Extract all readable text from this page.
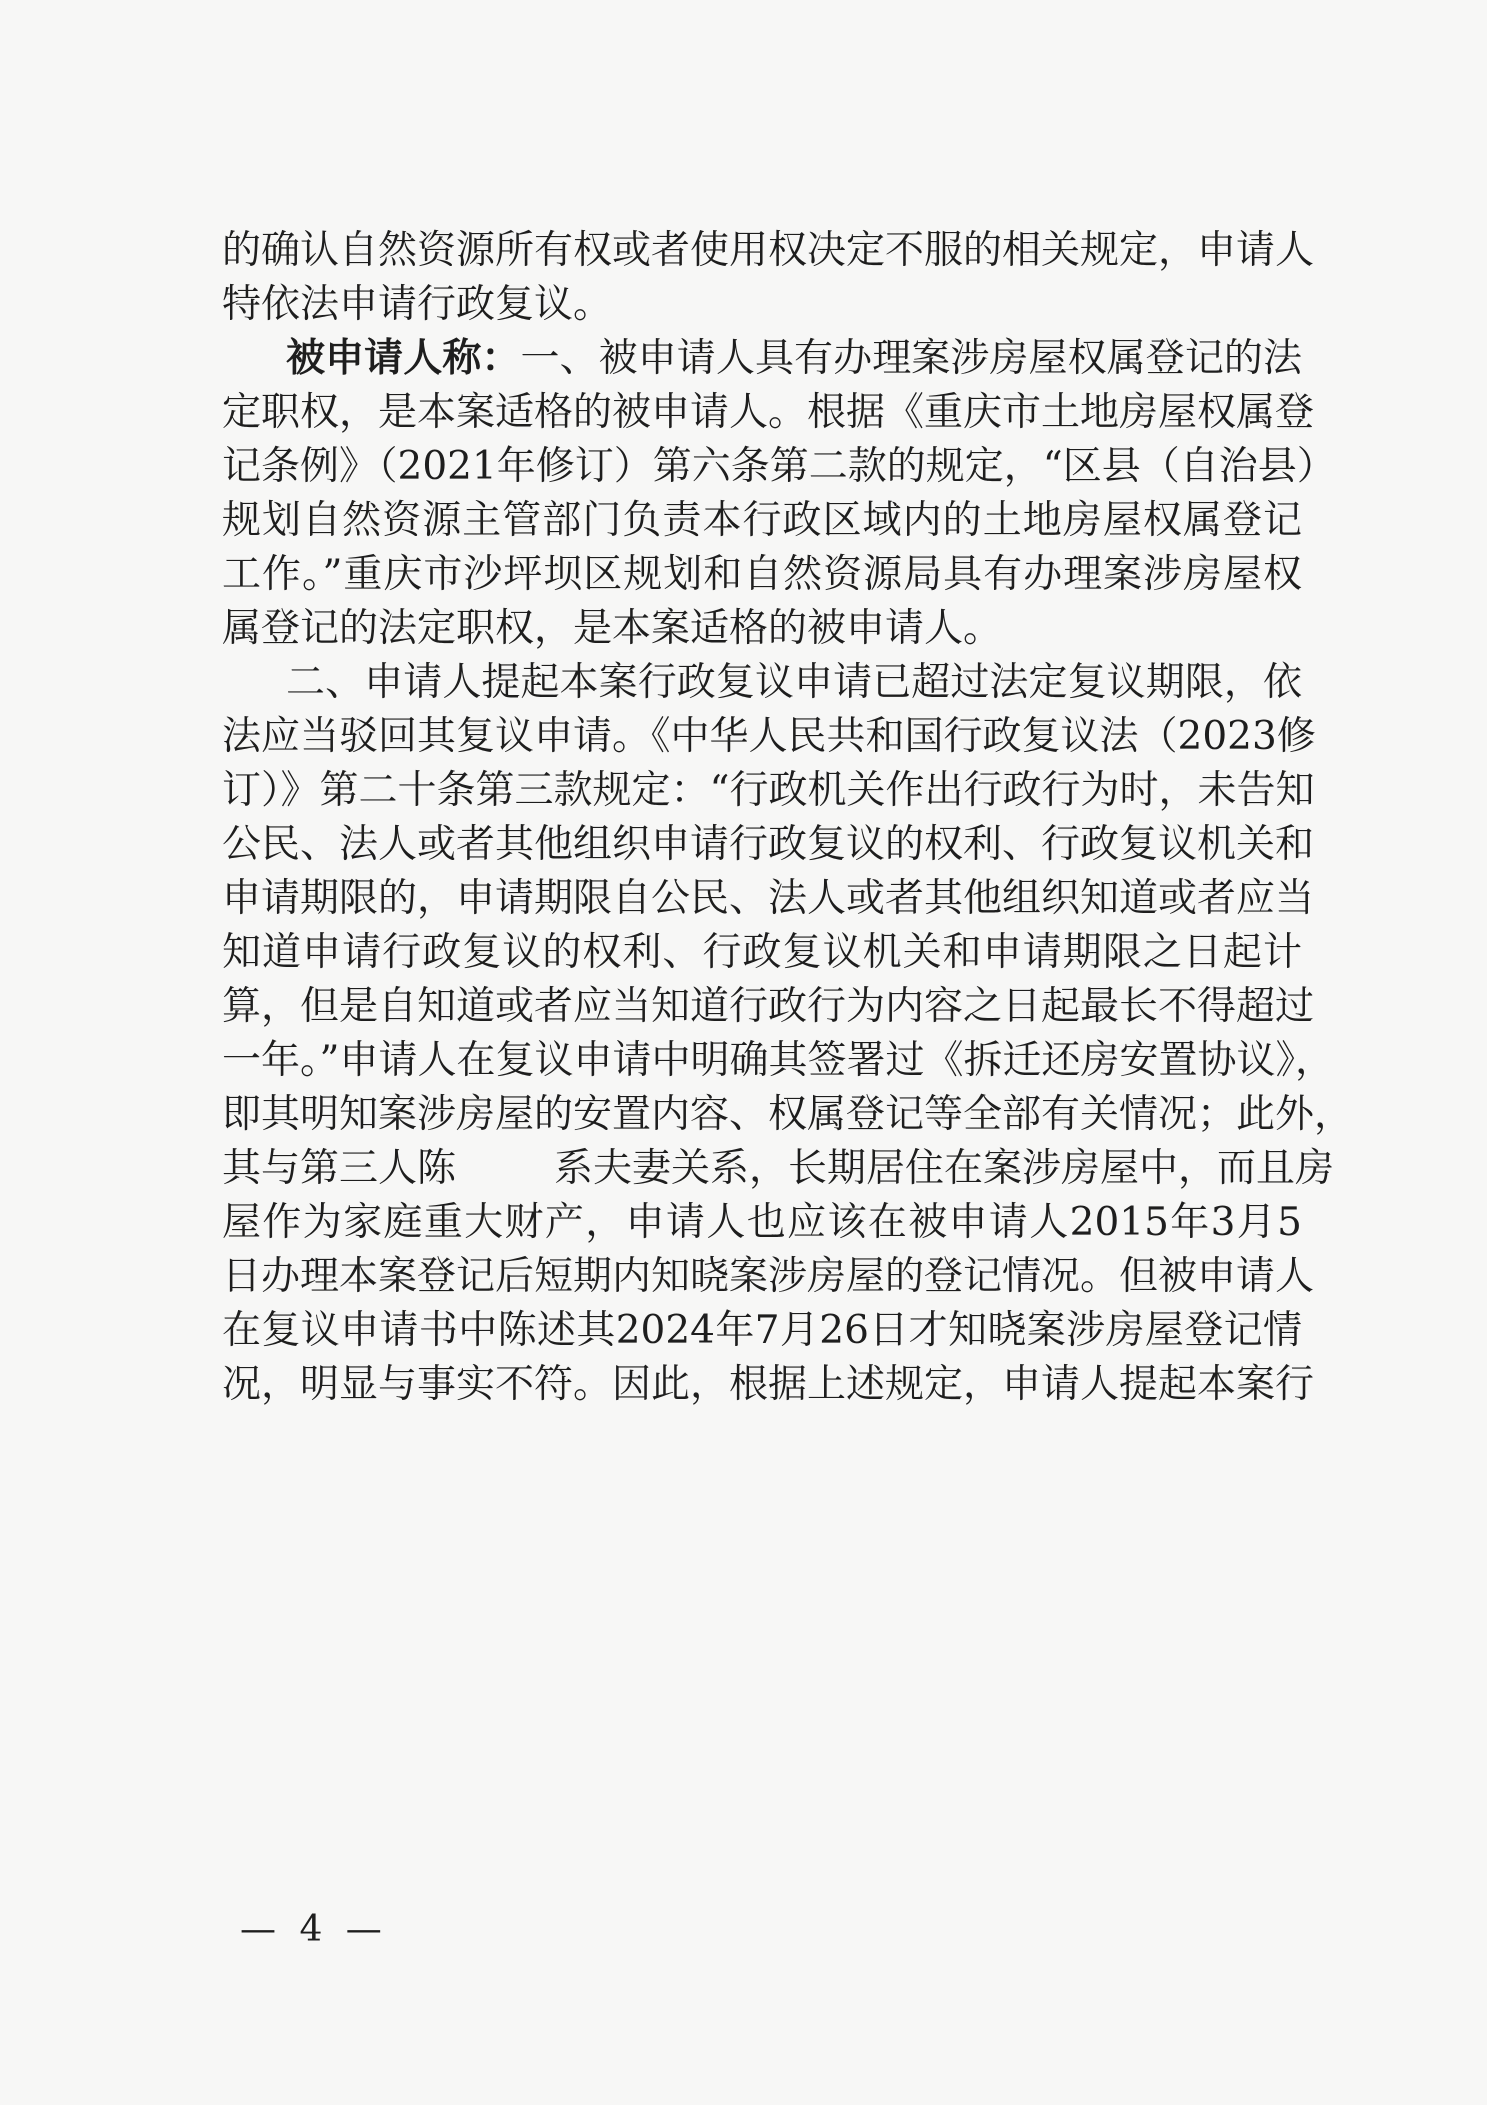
的确认自然资源所有权或者使用权决定不服的相关规定，申请人
特依法申请行政复议。
被申请人称：一、被申请人具有办理案涉房屋权属登记的法
定职权，是本案适格的被申请人。根据《重庆市土地房屋权属登
记条例》（2021年修订）第六条第二款的规定，“区县（自治县）
规划自然资源主管部门负责本行政区域内的土地房屋权属登记
工作。”重庆市沙坪坝区规划和自然资源局具有办理案涉房屋权
属登记的法定职权，是本案适格的被申请人。
二、申请人提起本案行政复议申请已超过法定复议期限，依
法应当驳回其复议申请。《中华人民共和国行政复议法（2023修
订）》第二十条第三款规定：“行政机关作出行政行为时，未告知
公民、法人或者其他组织申请行政复议的权利、行政复议机关和
申请期限的，申请期限自公民、法人或者其他组织知道或者应当
知道申请行政复议的权利、行政复议机关和申请期限之日起计
算，但是自知道或者应当知道行政行为内容之日起最长不得超过
一年。”申请人在复议申请中明确其签署过《拆迁还房安置协议》，
即其明知案涉房屋的安置内容、权属登记等全部有关情况；此外，
其与第三人陈	系夫妻关系，长期居住在案涉房屋中，而且房
屋作为家庭重大财产，申请人也应该在被申请人2015年3月5
日办理本案登记后短期内知晓案涉房屋的登记情况。但被申请人
在复议申请书中陈述其2024年7月26日才知晓案涉房屋登记情
况，明显与事实不符。因此，根据上述规定，申请人提起本案行
— 4 —
